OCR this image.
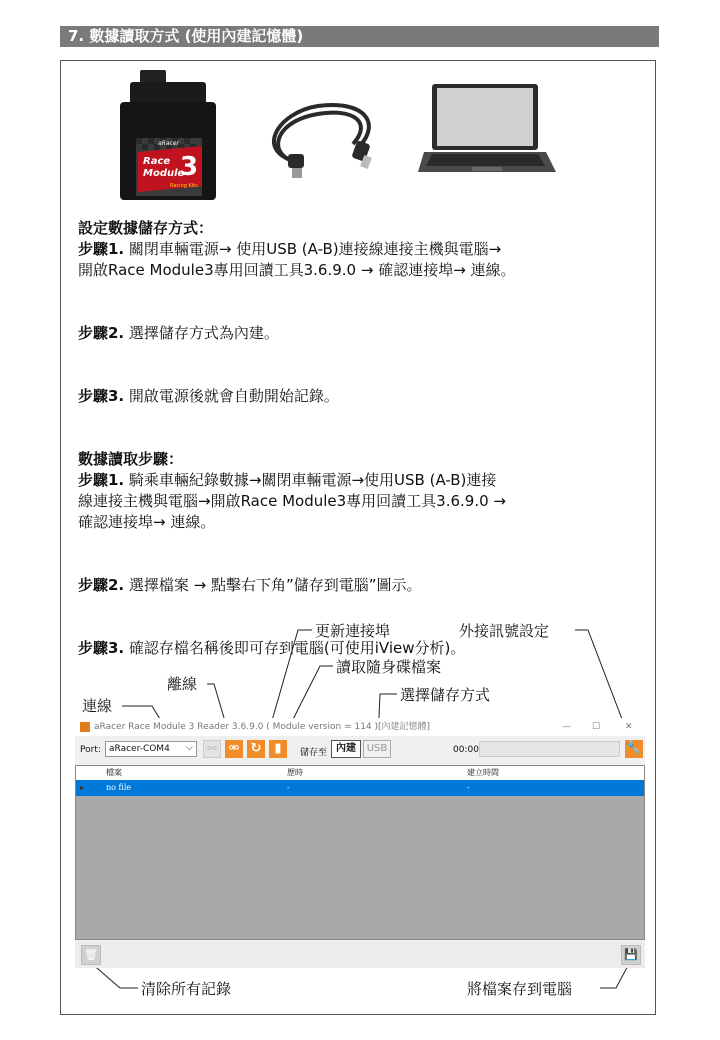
7. 數據讀取方式 (使用內建記憶體)
aRacer
Race
Module
3
Racing Kits

設定數據儲存方式：

步驟1. 關閉車輛電源→ 使用USB (A-B)連接線連接主機與電腦→

開啟Race Module3專用回讀工具3.6.9.0 → 確認連接埠→ 連線。

步驟2. 選擇儲存方式為內建。

步驟3. 開啟電源後就會自動開始記錄。

數據讀取步驟：

步驟1. 騎乘車輛紀錄數據→關閉車輛電源→使用USB (A-B)連接

線連接主機與電腦→開啟Race Module3專用回讀工具3.6.9.0 →

確認連接埠→ 連線。

步驟2. 選擇檔案 → 點擊右下角”儲存到電腦”圖示。

步驟3. 確認存檔名稱後即可存到電腦(可使用iView分析)。

更新連接埠	外接訊號設定
讀取隨身碟檔案
離線
選擇儲存方式
連線
清除所有記錄	將檔案存到電腦
aRacer Race Module 3 Reader 3.6.9.0 ( Module version = 114 )[內建記憶體]	— ☐	✕
Port: aRacer-COM4 ⌵	⚯ ⚮ ↻ ▮	儲存至 內建	USB	00:00	🔧
檔案	歷時	建立時間
▸	no file	-	-
🗑	💾
